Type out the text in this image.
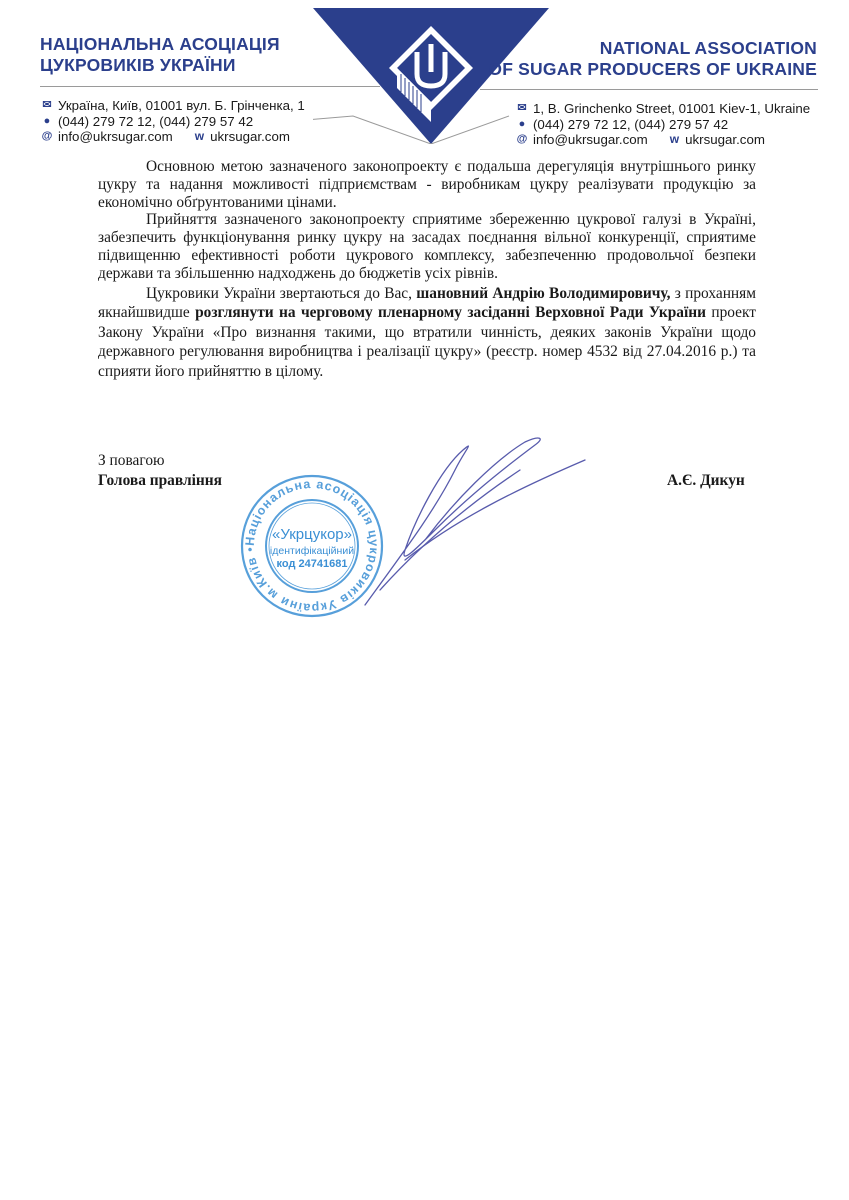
НАЦІОНАЛЬНА АСОЦІАЦІЯ
ЦУКРОВИКІВ УКРАЇНИ
✉ Україна, Київ, 01001 вул. Б. Грінченка, 1
● (044) 279 72 12, (044) 279 57 42
@ info@ukrsugar.com w ukrsugar.com
NATIONAL ASSOCIATION
OF SUGAR PRODUCERS OF UKRAINE
✉ 1, B. Grinchenko Street, 01001 Kiev-1, Ukraine
● (044) 279 72 12, (044) 279 57 42
@ info@ukrsugar.com w ukrsugar.com

Основною метою зазначеного законопроекту є подальша дерегуляція внутрішнього ринку цукру та надання можливості підприємствам - виробникам цукру реалізувати продукцію за економічно обґрунтованими цінами.

Прийняття зазначеного законопроекту сприятиме збереженню цукрової галузі в Україні, забезпечить функціонування ринку цукру на засадах поєднання вільної конкуренції, сприятиме підвищенню ефективності роботи цукрового комплексу, забезпеченню продовольчої безпеки держави та збільшенню надходжень до бюджетів усіх рівнів.

Цукровики України звертаються до Вас, шановний Андрію Володимировичу, з проханням якнайшвидше розглянути на черговому пленарному засіданні Верховної Ради України проект Закону України «Про визнання такими, що втратили чинність, деяких законів України щодо державного регулювання виробництва і реалізації цукру» (реєстр. номер 4532 від 27.04.2016 р.) та сприяти його прийняттю в цілому.

З повагою
Голова правління	А.Є. Дикун
Національна асоціація цукровиків України м.Київ •
«Укрцукор»
ідентифікаційний
код 24741681
